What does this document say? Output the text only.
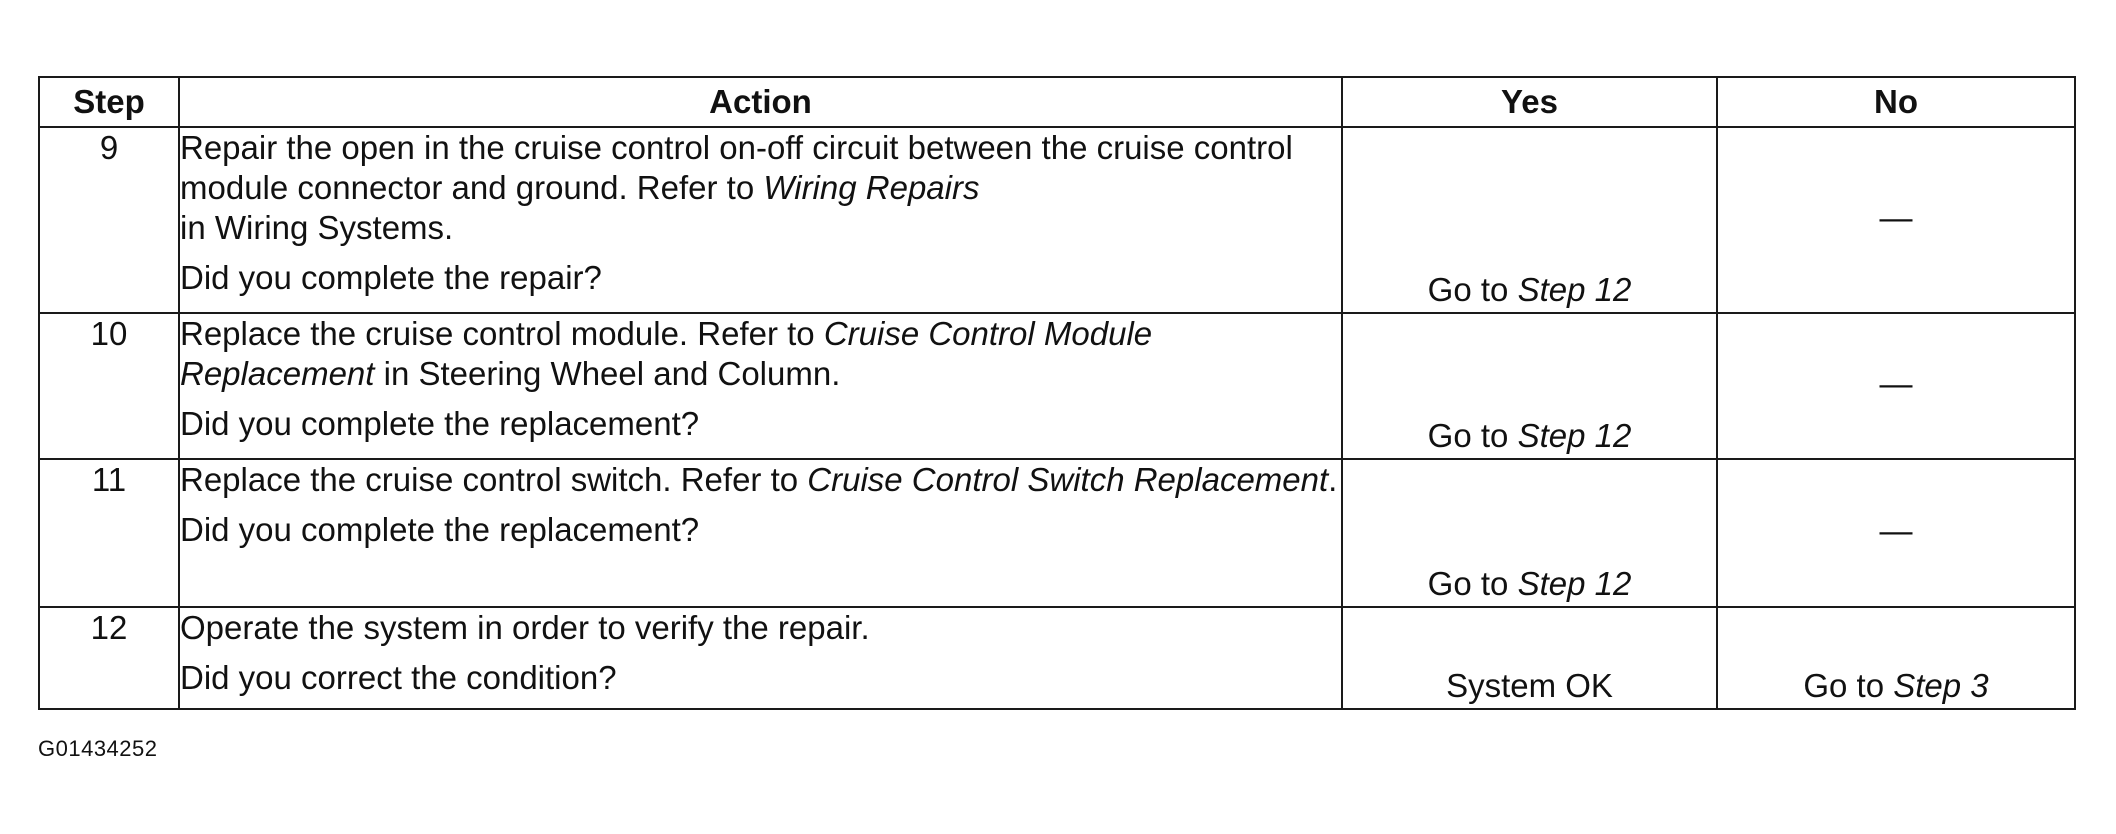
Step	Action	Yes	No
9	Repair the open in the cruise control on-off circuit between the cruise control module connector and ground. Refer to Wiring Repairs
in Wiring Systems.
Did you complete the repair?	Go to Step 12	—

10	Replace the cruise control module. Refer to Cruise Control Module Replacement in Steering Wheel and Column.
Did you complete the replacement?	Go to Step 12	—

11	Replace the cruise control switch. Refer to Cruise Control Switch Replacement.
Did you complete the replacement?	Go to Step 12	—

12	Operate the system in order to verify the repair.
Did you correct the condition?	System OK	Go to Step 3
G01434252
